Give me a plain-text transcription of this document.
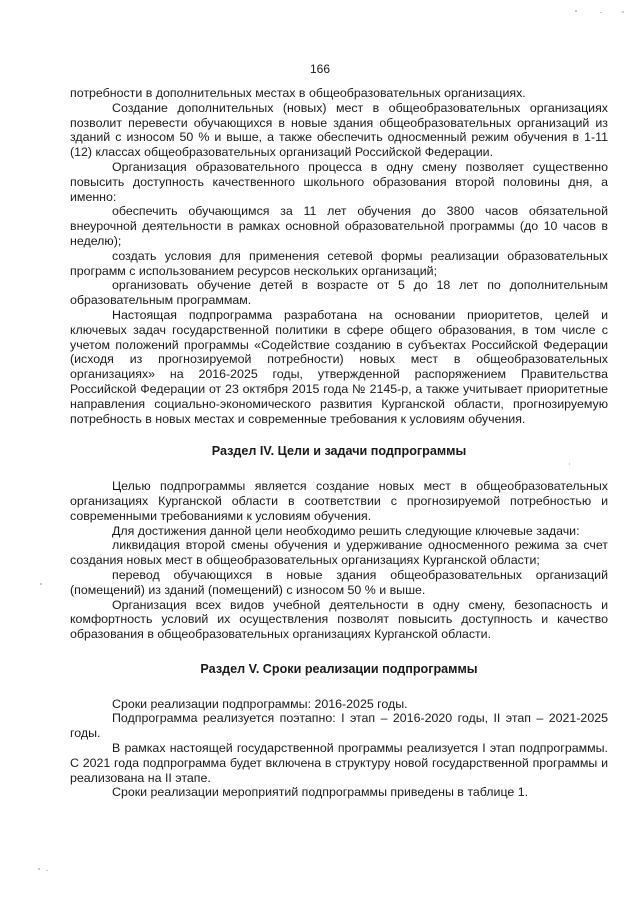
166

потребности в дополнительных местах в общеобразовательных организациях.

Создание дополнительных (новых) мест в общеобразовательных организациях позволит перевести обучающихся в новые здания общеобразовательных организаций из зданий с износом 50 % и выше, а также обеспечить односменный режим обучения в 1-11 (12) классах общеобразовательных организаций Российской Федерации.

Организация образовательного процесса в одну смену позволяет существенно повысить доступность качественного школьного образования второй половины дня, а именно:

обеспечить обучающимся за 11 лет обучения до 3800 часов обязательной внеурочной деятельности в рамках основной образовательной программы (до 10 часов в неделю);

создать условия для применения сетевой формы реализации образовательных программ с использованием ресурсов нескольких организаций;

организовать обучение детей в возрасте от 5 до 18 лет по дополнительным образовательным программам.

Настоящая подпрограмма разработана на основании приоритетов, целей и ключевых задач государственной политики в сфере общего образования, в том числе с учетом положений программы «Содействие созданию в субъектах Российской Федерации (исходя из прогнозируемой потребности) новых мест в общеобразовательных организациях» на 2016-2025 годы, утвержденной распоряжением Правительства Российской Федерации от 23 октября 2015 года № 2145-р, а также учитывает приоритетные направления социально-экономического развития Курганской области, прогнозируемую потребность в новых местах и современные требования к условиям обучения.

Раздел IV. Цели и задачи подпрограммы

Целью подпрограммы является создание новых мест в общеобразовательных организациях Курганской области в соответствии с прогнозируемой потребностью и современными требованиями к условиям обучения.

Для достижения данной цели необходимо решить следующие ключевые задачи:

ликвидация второй смены обучения и удерживание односменного режима за счет создания новых мест в общеобразовательных организациях Курганской области;

перевод обучающихся в новые здания общеобразовательных организаций (помещений) из зданий (помещений) с износом 50 % и выше.

Организация всех видов учебной деятельности в одну смену, безопасность и комфортность условий их осуществления позволят повысить доступность и качество образования в общеобразовательных организациях Курганской области.

Раздел V. Сроки реализации подпрограммы

Сроки реализации подпрограммы: 2016-2025 годы.

Подпрограмма реализуется поэтапно: I этап – 2016-2020 годы, II этап – 2021-2025 годы.

В рамках настоящей государственной программы реализуется I этап подпрограммы. С 2021 года подпрограмма будет включена в структуру новой государственной программы и реализована на II этапе.

Сроки реализации мероприятий подпрограммы приведены в таблице 1.
